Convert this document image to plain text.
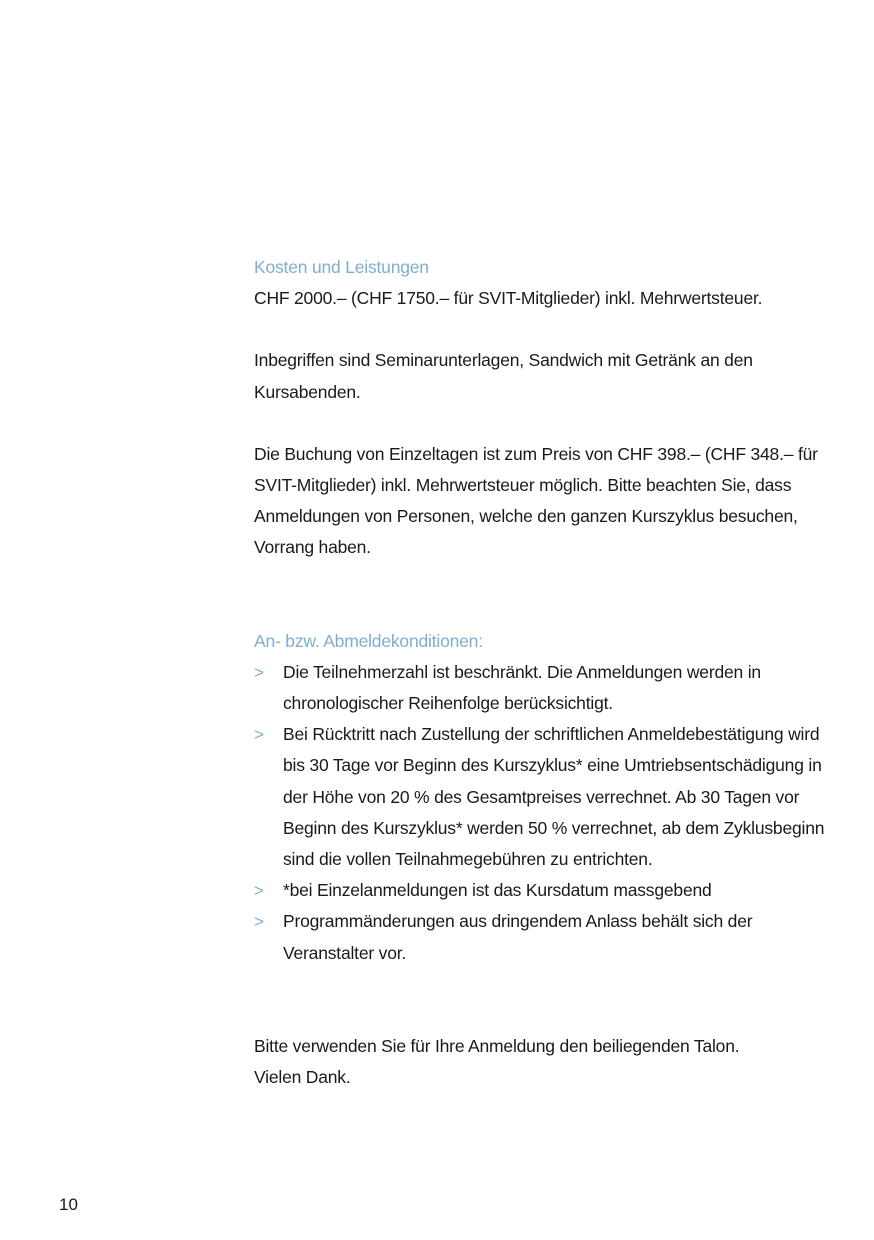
Kosten und Leistungen

CHF 2000.– (CHF 1750.– für SVIT-Mitglieder) inkl. Mehrwertsteuer.

Inbegriffen sind Seminarunterlagen, Sandwich mit Getränk an den Kursabenden.

Die Buchung von Einzeltagen ist zum Preis von CHF 398.– (CHF 348.– für SVIT-Mitglieder) inkl. Mehrwertsteuer möglich. Bitte beachten Sie, dass Anmeldungen von Personen, welche den ganzen Kurszyklus besuchen, Vorrang haben.

An- bzw. Abmeldekonditionen:
> Die Teilnehmerzahl ist beschränkt. Die Anmeldungen werden in chronologischer Reihenfolge berücksichtigt.
> Bei Rücktritt nach Zustellung der schriftlichen Anmeldebestätigung wird bis 30 Tage vor Beginn des Kurszyklus* eine Umtriebsentschädigung in der Höhe von 20 % des Gesamtpreises verrechnet. Ab 30 Tagen vor Beginn des Kurszyklus* werden 50 % verrechnet, ab dem Zyklusbeginn sind die vollen Teilnahmegebühren zu entrichten.
> *bei Einzelanmeldungen ist das Kursdatum massgebend
> Programmänderungen aus dringendem Anlass behält sich der Veranstalter vor.

Bitte verwenden Sie für Ihre Anmeldung den beiliegenden Talon.

Vielen Dank.

10
